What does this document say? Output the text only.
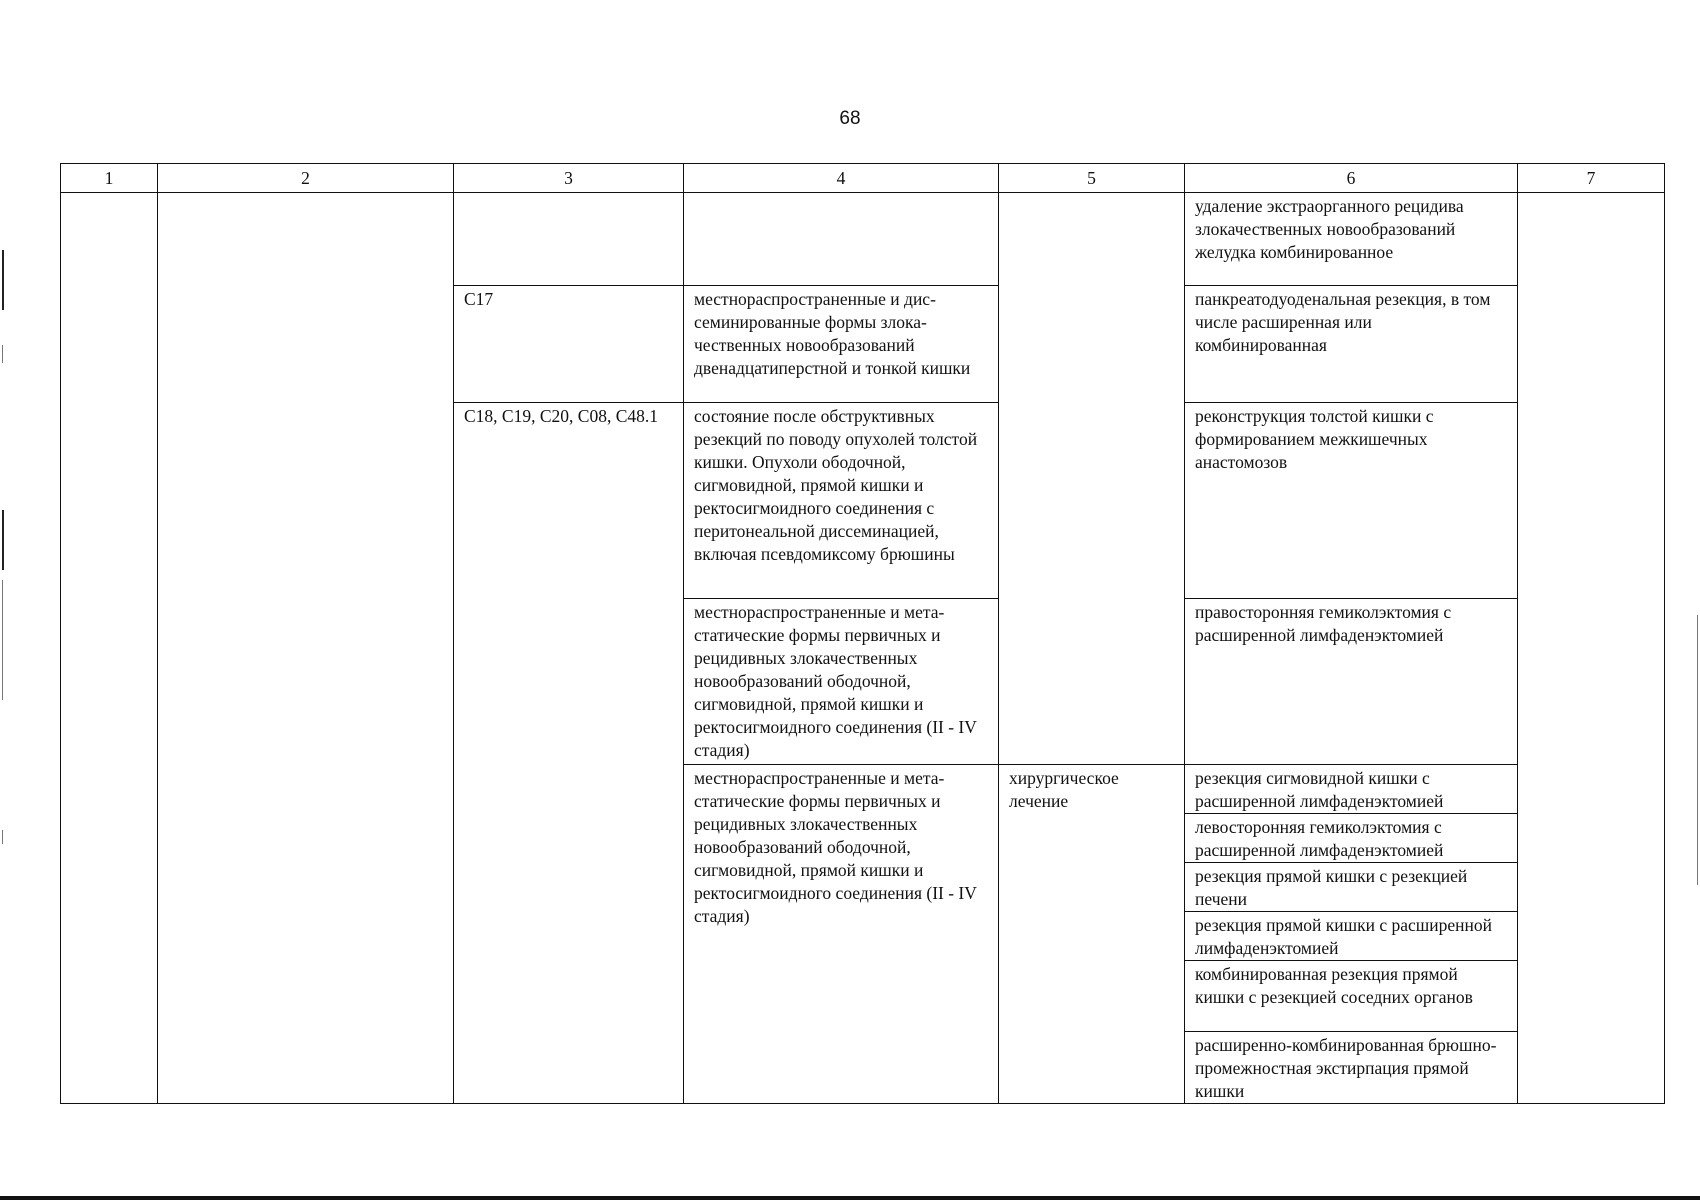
68
1	2	3	4	5	6	7
					удаление экстраорганного рецидива злокачественных новообразований желудка комбинированное	
		С17	местнораспространенные и дис-семинированные формы злока-чественных новообразований двенадцатиперстной и тонкой кишки		панкреатодуоденальная резекция, в том числе расширенная или комбинированная	
		С18, С19, С20, С08, С48.1	состояние после обструктивных резекций по поводу опухолей толстой кишки. Опухоли ободочной, сигмовидной, прямой кишки и ректосигмоидного соединения с перитонеальной диссеминацией, включая псевдомиксому брюшины		реконструкция толстой кишки с формированием межкишечных анастомозов	
			местнораспространенные и мета-статические формы первичных и рецидивных злокачественных новообразований ободочной, сигмовидной, прямой кишки и ректосигмоидного соединения (II - IV стадия)		правосторонняя гемиколэктомия с расширенной лимфаденэктомией	
			местнораспространенные и мета-статические формы первичных и рецидивных злокачественных новообразований ободочной, сигмовидной, прямой кишки и ректосигмоидного соединения (II - IV стадия)	хирургическое лечение	резекция сигмовидной кишки с расширенной лимфаденэктомией	
					левосторонняя гемиколэктомия с расширенной лимфаденэктомией	
					резекция прямой кишки с резекцией печени	
					резекция прямой кишки с расширенной лимфаденэктомией	
					комбинированная резекция прямой кишки с резекцией соседних органов	
					расширенно-комбинированная брюшно-промежностная экстирпация прямой кишки	
